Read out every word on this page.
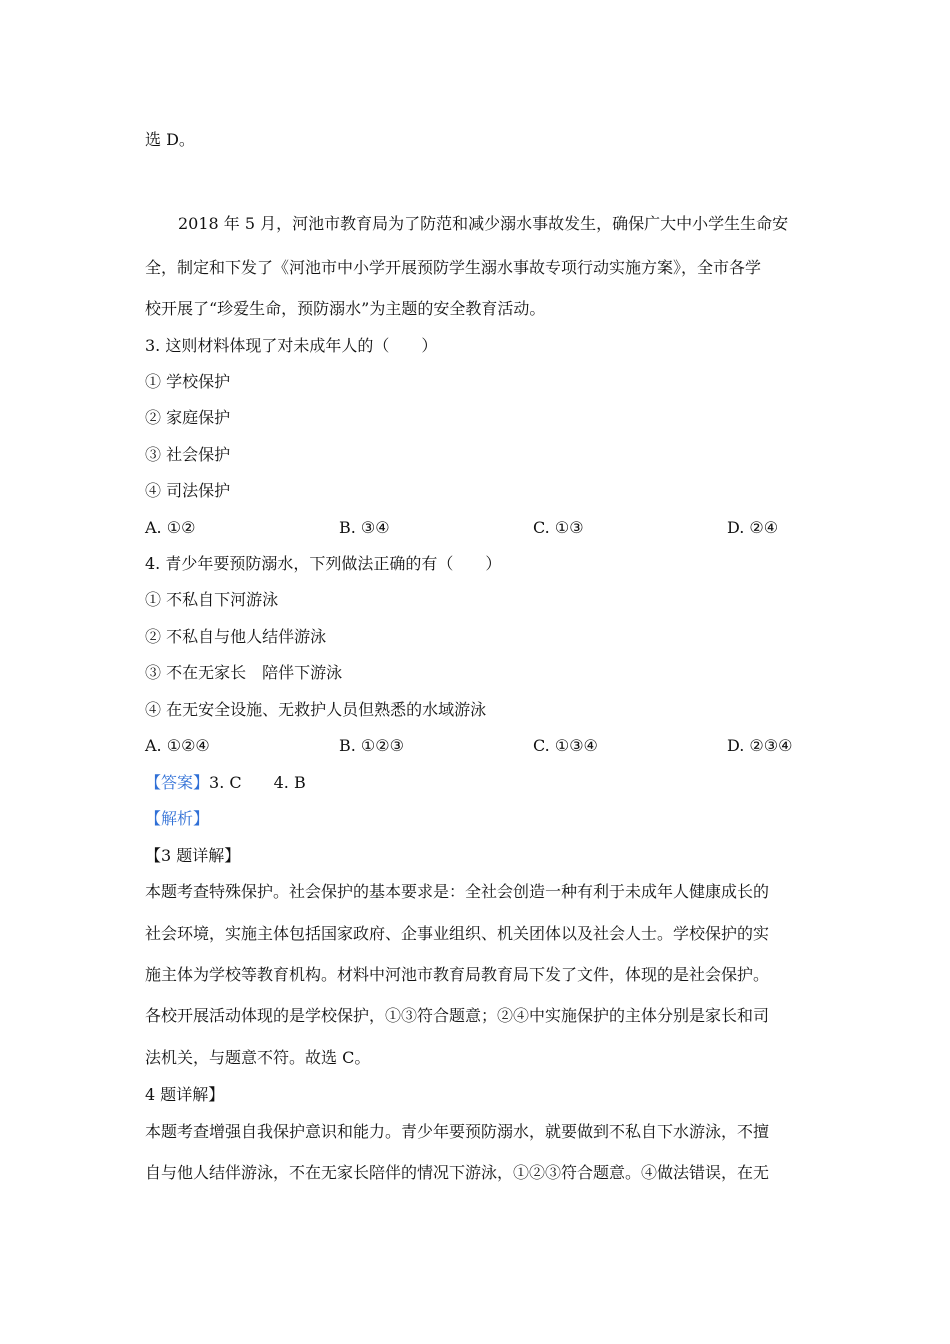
选 D。
2018 年 5 月，河池市教育局为了防范和减少溺水事故发生，确保广大中小学生生命安
全，制定和下发了《河池市中小学开展预防学生溺水事故专项行动实施方案》，全市各学
校开展了“珍爱生命，预防溺水”为主题的安全教育活动。
3. 这则材料体现了对未成年人的（　　）
① 学校保护
② 家庭保护
③ 社会保护
④ 司法保护
A. ①②	B. ③④	C. ①③	D. ②④
4. 青少年要预防溺水，下列做法正确的有（　　）
① 不私自下河游泳
② 不私自与他人结伴游泳
③ 不在无家长　陪伴下游泳
④ 在无安全设施、无救护人员但熟悉的水域游泳
A. ①②④	B. ①②③	C. ①③④	D. ②③④
【答案】3. C　　4. B
【解析】
【3 题详解】
本题考查特殊保护。社会保护的基本要求是：全社会创造一种有利于未成年人健康成长的
社会环境，实施主体包括国家政府、企事业组织、机关团体以及社会人士。学校保护的实
施主体为学校等教育机构。材料中河池市教育局教育局下发了文件，体现的是社会保护。
各校开展活动体现的是学校保护，①③符合题意；②④中实施保护的主体分别是家长和司
法机关，与题意不符。故选 C。
4 题详解】
本题考查增强自我保护意识和能力。青少年要预防溺水，就要做到不私自下水游泳，不擅
自与他人结伴游泳，不在无家长陪伴的情况下游泳，①②③符合题意。④做法错误，在无
